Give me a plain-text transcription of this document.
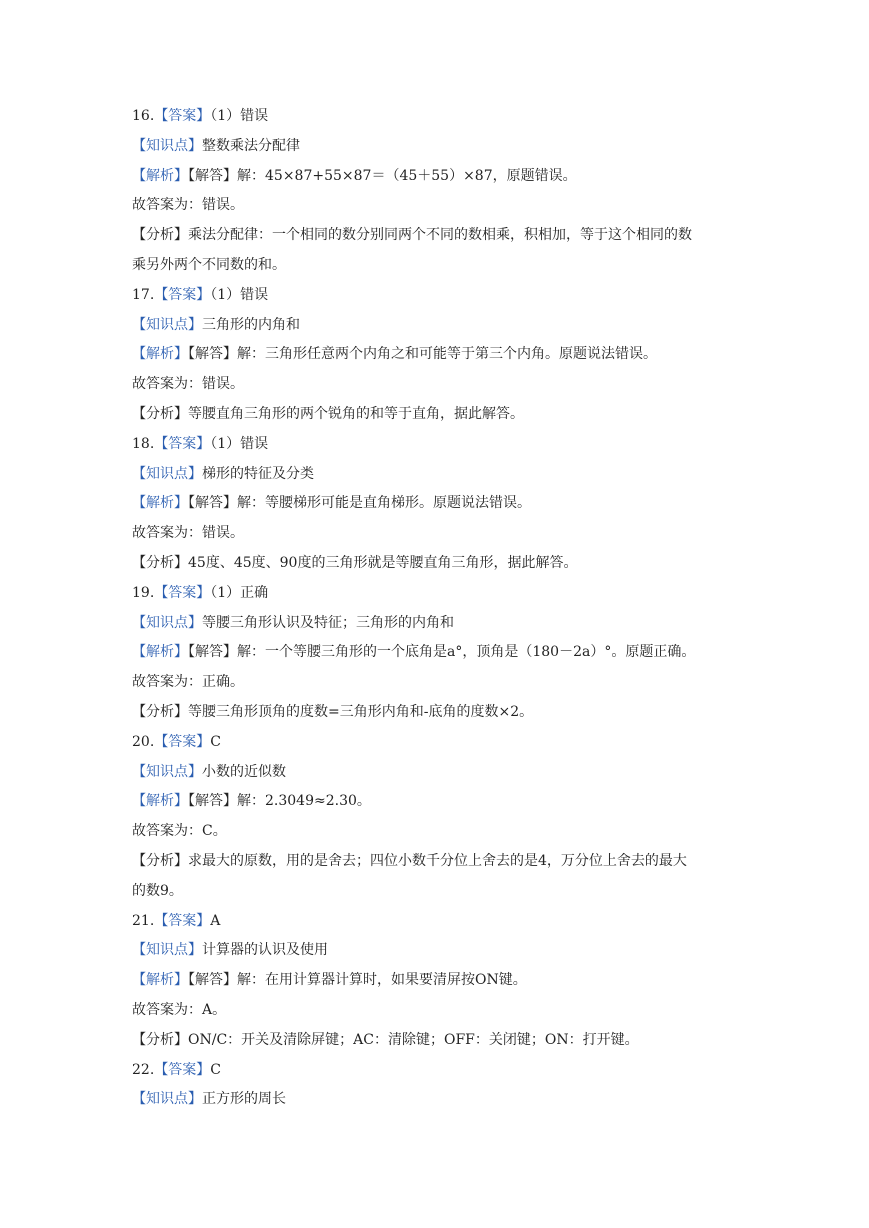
16.【答案】（1）错误
【知识点】整数乘法分配律
【解析】【解答】解：45×87+55×87＝（45＋55）×87，原题错误。
故答案为：错误。
【分析】乘法分配律：一个相同的数分别同两个不同的数相乘，积相加，等于这个相同的数
乘另外两个不同数的和。
17.【答案】（1）错误
【知识点】三角形的内角和
【解析】【解答】解：三角形任意两个内角之和可能等于第三个内角。原题说法错误。
故答案为：错误。
【分析】等腰直角三角形的两个锐角的和等于直角，据此解答。
18.【答案】（1）错误
【知识点】梯形的特征及分类
【解析】【解答】解：等腰梯形可能是直角梯形。原题说法错误。
故答案为：错误。
【分析】45度、45度、90度的三角形就是等腰直角三角形，据此解答。
19.【答案】（1）正确
【知识点】等腰三角形认识及特征；三角形的内角和
【解析】【解答】解：一个等腰三角形的一个底角是a°，顶角是（180－2a）°。原题正确。
故答案为：正确。
【分析】等腰三角形顶角的度数=三角形内角和-底角的度数×2。
20.【答案】C
【知识点】小数的近似数
【解析】【解答】解：2.3049≈2.30。
故答案为：C。
【分析】求最大的原数，用的是舍去；四位小数千分位上舍去的是4，万分位上舍去的最大
的数9。
21.【答案】A
【知识点】计算器的认识及使用
【解析】【解答】解：在用计算器计算时，如果要清屏按ON键。
故答案为：A。
【分析】ON/C：开关及清除屏键；AC：清除键；OFF：关闭键；ON：打开键。
22.【答案】C
【知识点】正方形的周长
